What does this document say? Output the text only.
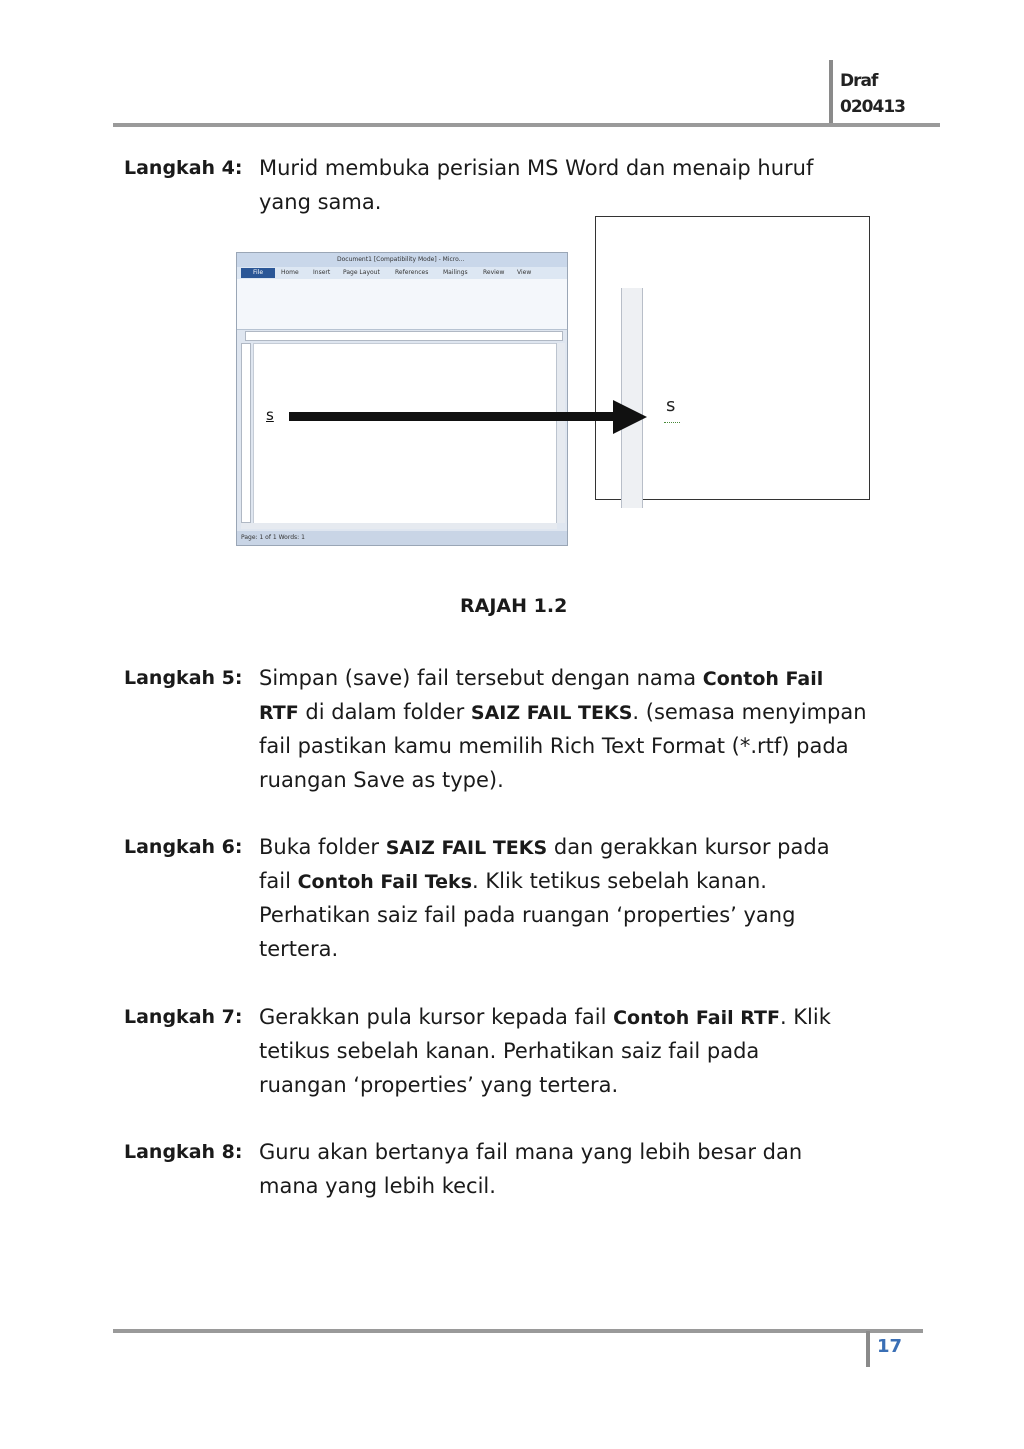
Draf
020413
Langkah 4: Murid membuka perisian MS Word dan menaip huruf
yang sama.
Document1 [Compatibility Mode] - Micro...
File	Home Insert Page Layout	References Mailings	Review View
Page: 1 of 1 Words: 1
s	s
RAJAH 1.2
Langkah 5: Simpan (save) fail tersebut dengan nama Contoh Fail
RTF di dalam folder SAIZ FAIL TEKS. (semasa menyimpan
fail pastikan kamu memilih Rich Text Format (*.rtf) pada
ruangan Save as type).
Langkah 6: Buka folder SAIZ FAIL TEKS dan gerakkan kursor pada
fail Contoh Fail Teks. Klik tetikus sebelah kanan.
Perhatikan saiz fail pada ruangan ‘properties’ yang
tertera.
Langkah 7: Gerakkan pula kursor kepada fail Contoh Fail RTF. Klik
tetikus sebelah kanan. Perhatikan saiz fail pada
ruangan ‘properties’ yang tertera.
Langkah 8: Guru akan bertanya fail mana yang lebih besar dan
mana yang lebih kecil.
17
